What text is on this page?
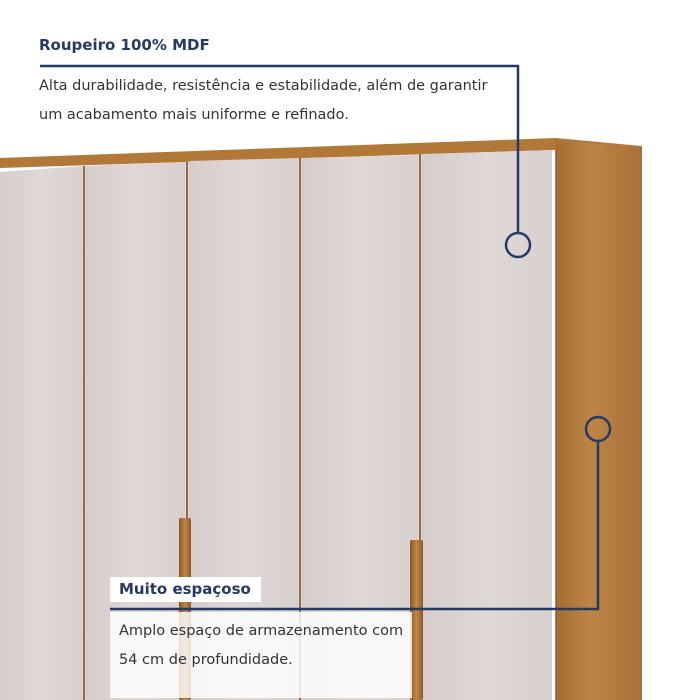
Roupeiro 100% MDF
Alta durabilidade, resistência e estabilidade, além de garantir um acabamento mais uniforme e refinado.
Muito espaçoso
Amplo espaço de armazenamento com 54 cm de profundidade.
